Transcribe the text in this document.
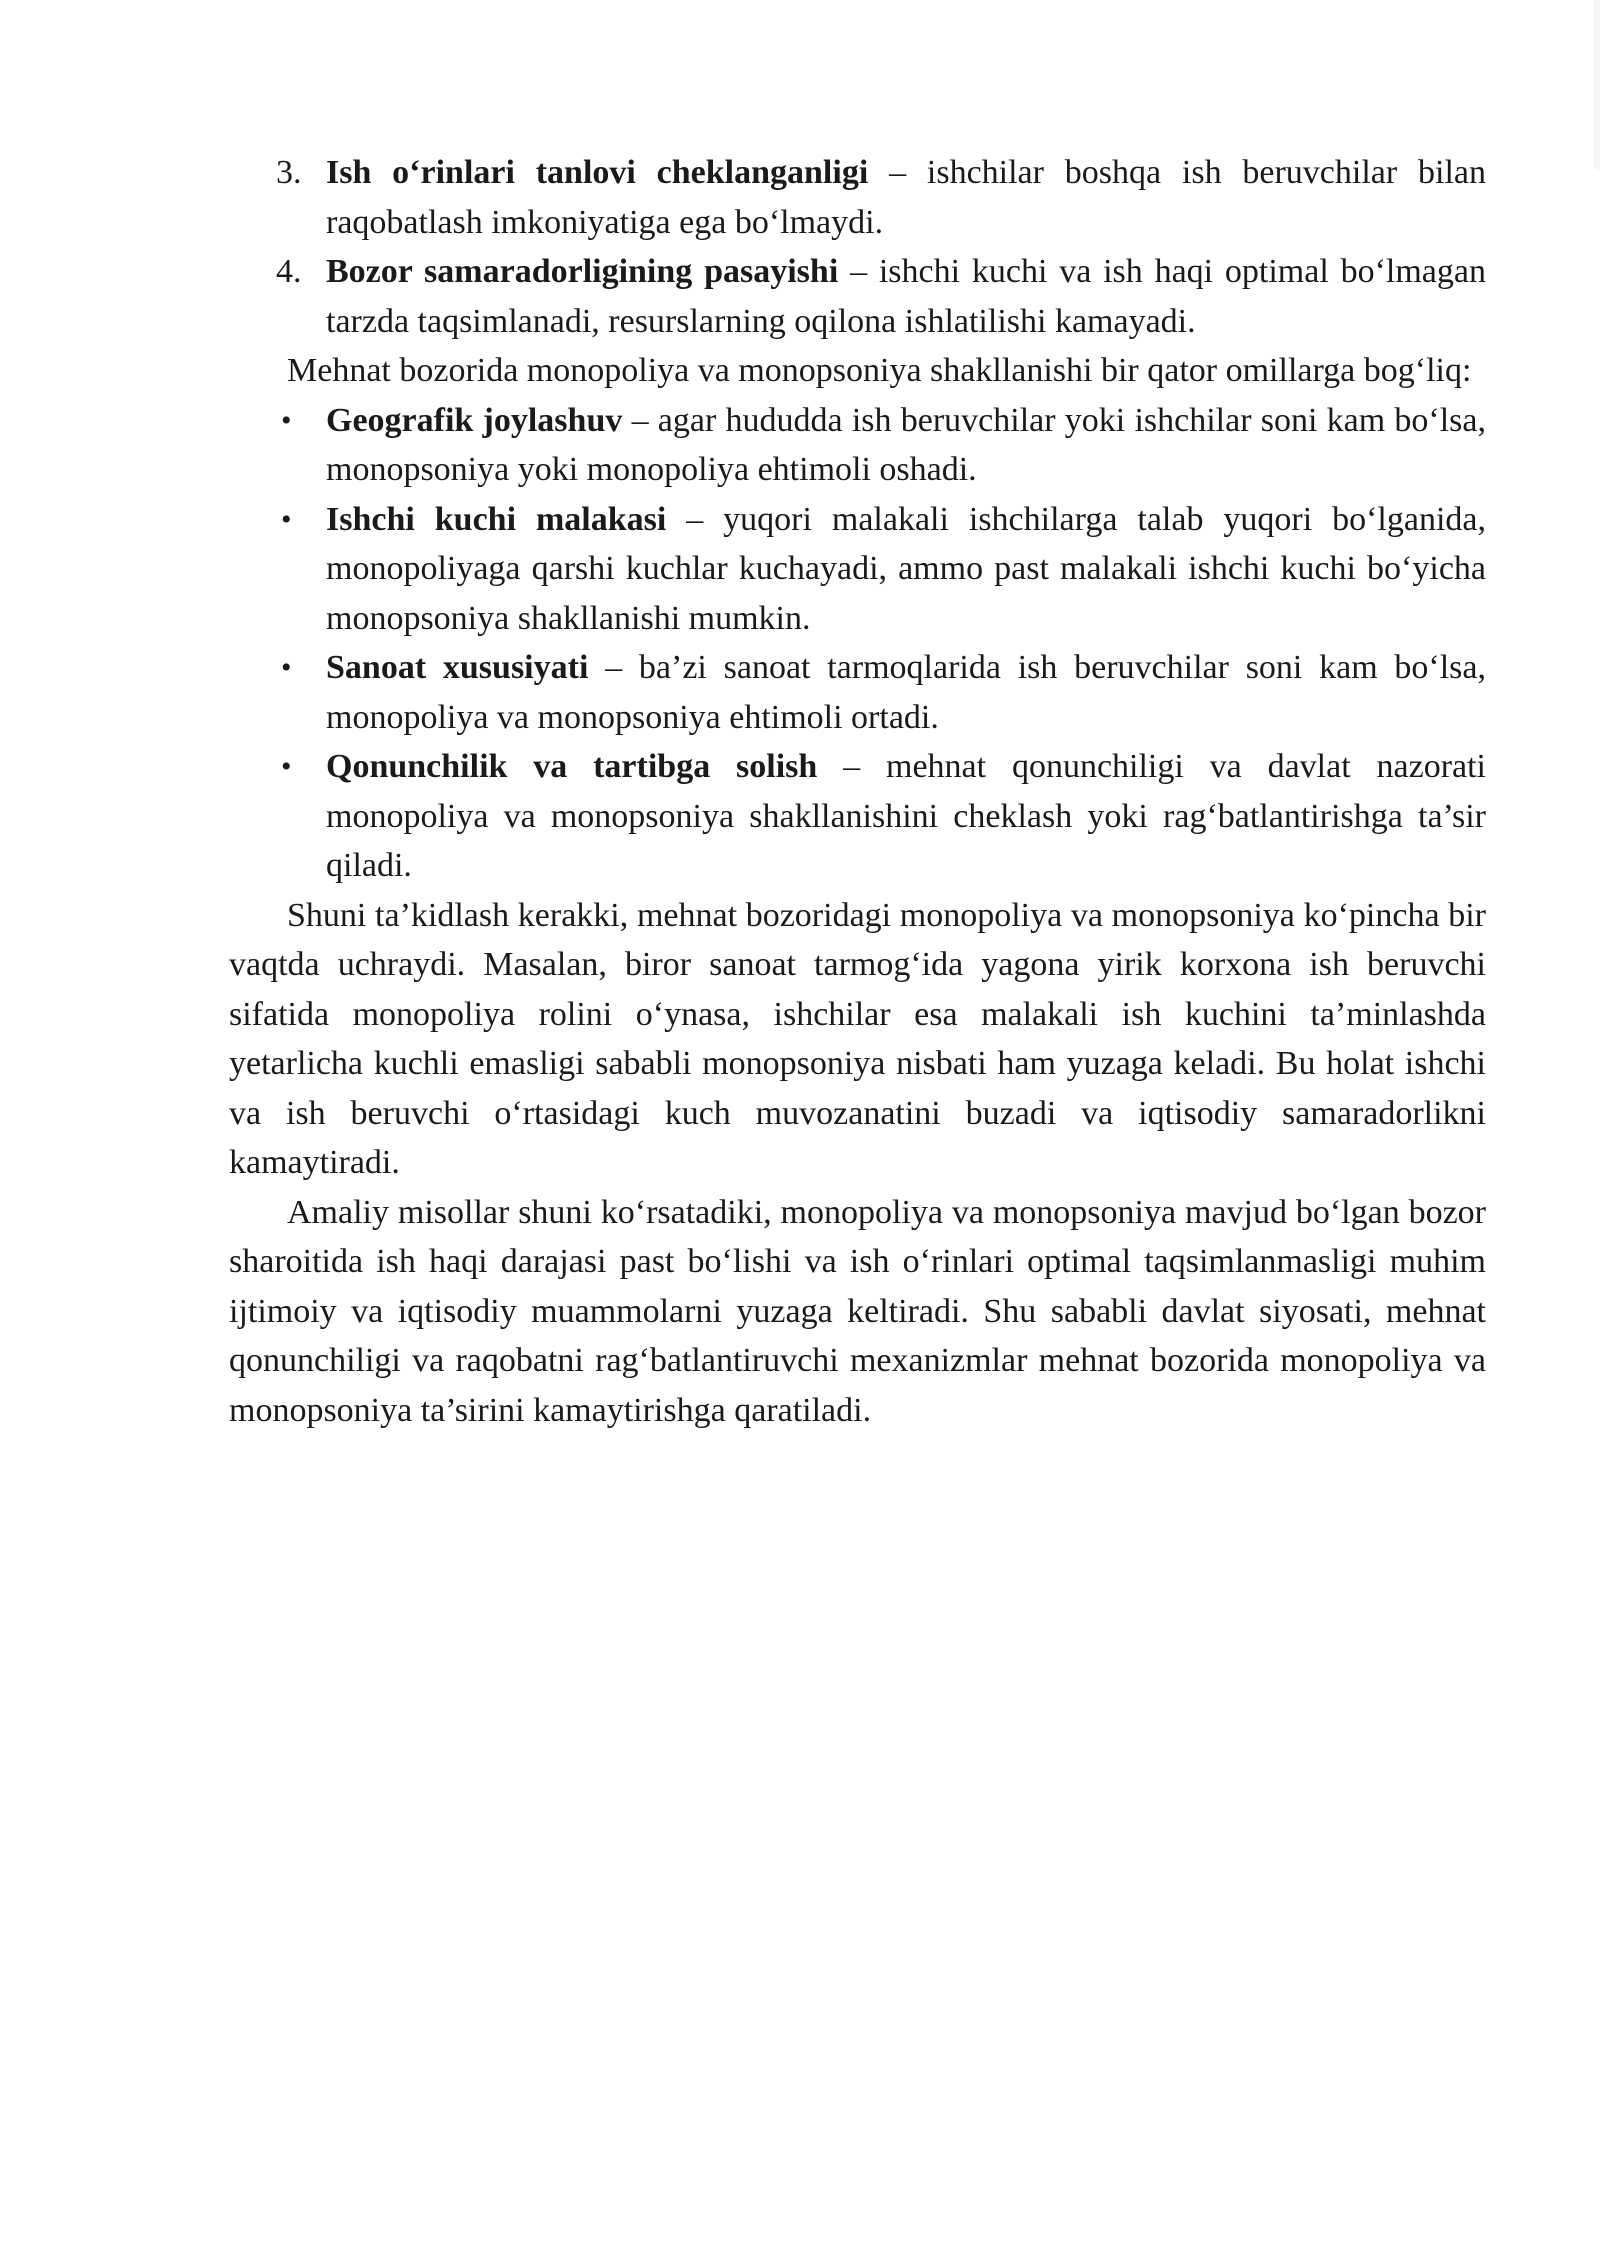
3. Ish o‘rinlari tanlovi cheklanganligi – ishchilar boshqa ish beruvchilar bilan raqobatlash imkoniyatiga ega bo‘lmaydi.

4. Bozor samaradorligining pasayishi – ishchi kuchi va ish haqi optimal bo‘lmagan tarzda taqsimlanadi, resurslarning oqilona ishlatilishi kamayadi.

Mehnat bozorida monopoliya va monopsoniya shakllanishi bir qator omillarga bog‘liq:

• Geografik joylashuv – agar hududda ish beruvchilar yoki ishchilar soni kam bo‘lsa, monopsoniya yoki monopoliya ehtimoli oshadi.

• Ishchi kuchi malakasi – yuqori malakali ishchilarga talab yuqori bo‘lganida, monopoliyaga qarshi kuchlar kuchayadi, ammo past malakali ishchi kuchi bo‘yicha monopsoniya shakllanishi mumkin.

• Sanoat xususiyati – ba’zi sanoat tarmoqlarida ish beruvchilar soni kam bo‘lsa, monopoliya va monopsoniya ehtimoli ortadi.

• Qonunchilik va tartibga solish – mehnat qonunchiligi va davlat nazorati monopoliya va monopsoniya shakllanishini cheklash yoki rag‘batlantirishga ta’sir qiladi.

Shuni ta’kidlash kerakki, mehnat bozoridagi monopoliya va monopsoniya ko‘pincha bir vaqtda uchraydi. Masalan, biror sanoat tarmog‘ida yagona yirik korxona ish beruvchi sifatida monopoliya rolini o‘ynasa, ishchilar esa malakali ish kuchini ta’minlashda yetarlicha kuchli emasligi sababli monopsoniya nisbati ham yuzaga keladi. Bu holat ishchi va ish beruvchi o‘rtasidagi kuch muvozanatini buzadi va iqtisodiy samaradorlikni kamaytiradi.

Amaliy misollar shuni ko‘rsatadiki, monopoliya va monopsoniya mavjud bo‘lgan bozor sharoitida ish haqi darajasi past bo‘lishi va ish o‘rinlari optimal taqsimlanmasligi muhim ijtimoiy va iqtisodiy muammolarni yuzaga keltiradi. Shu sababli davlat siyosati, mehnat qonunchiligi va raqobatni rag‘batlantiruvchi mexanizmlar mehnat bozorida monopoliya va monopsoniya ta’sirini kamaytirishga qaratiladi.
